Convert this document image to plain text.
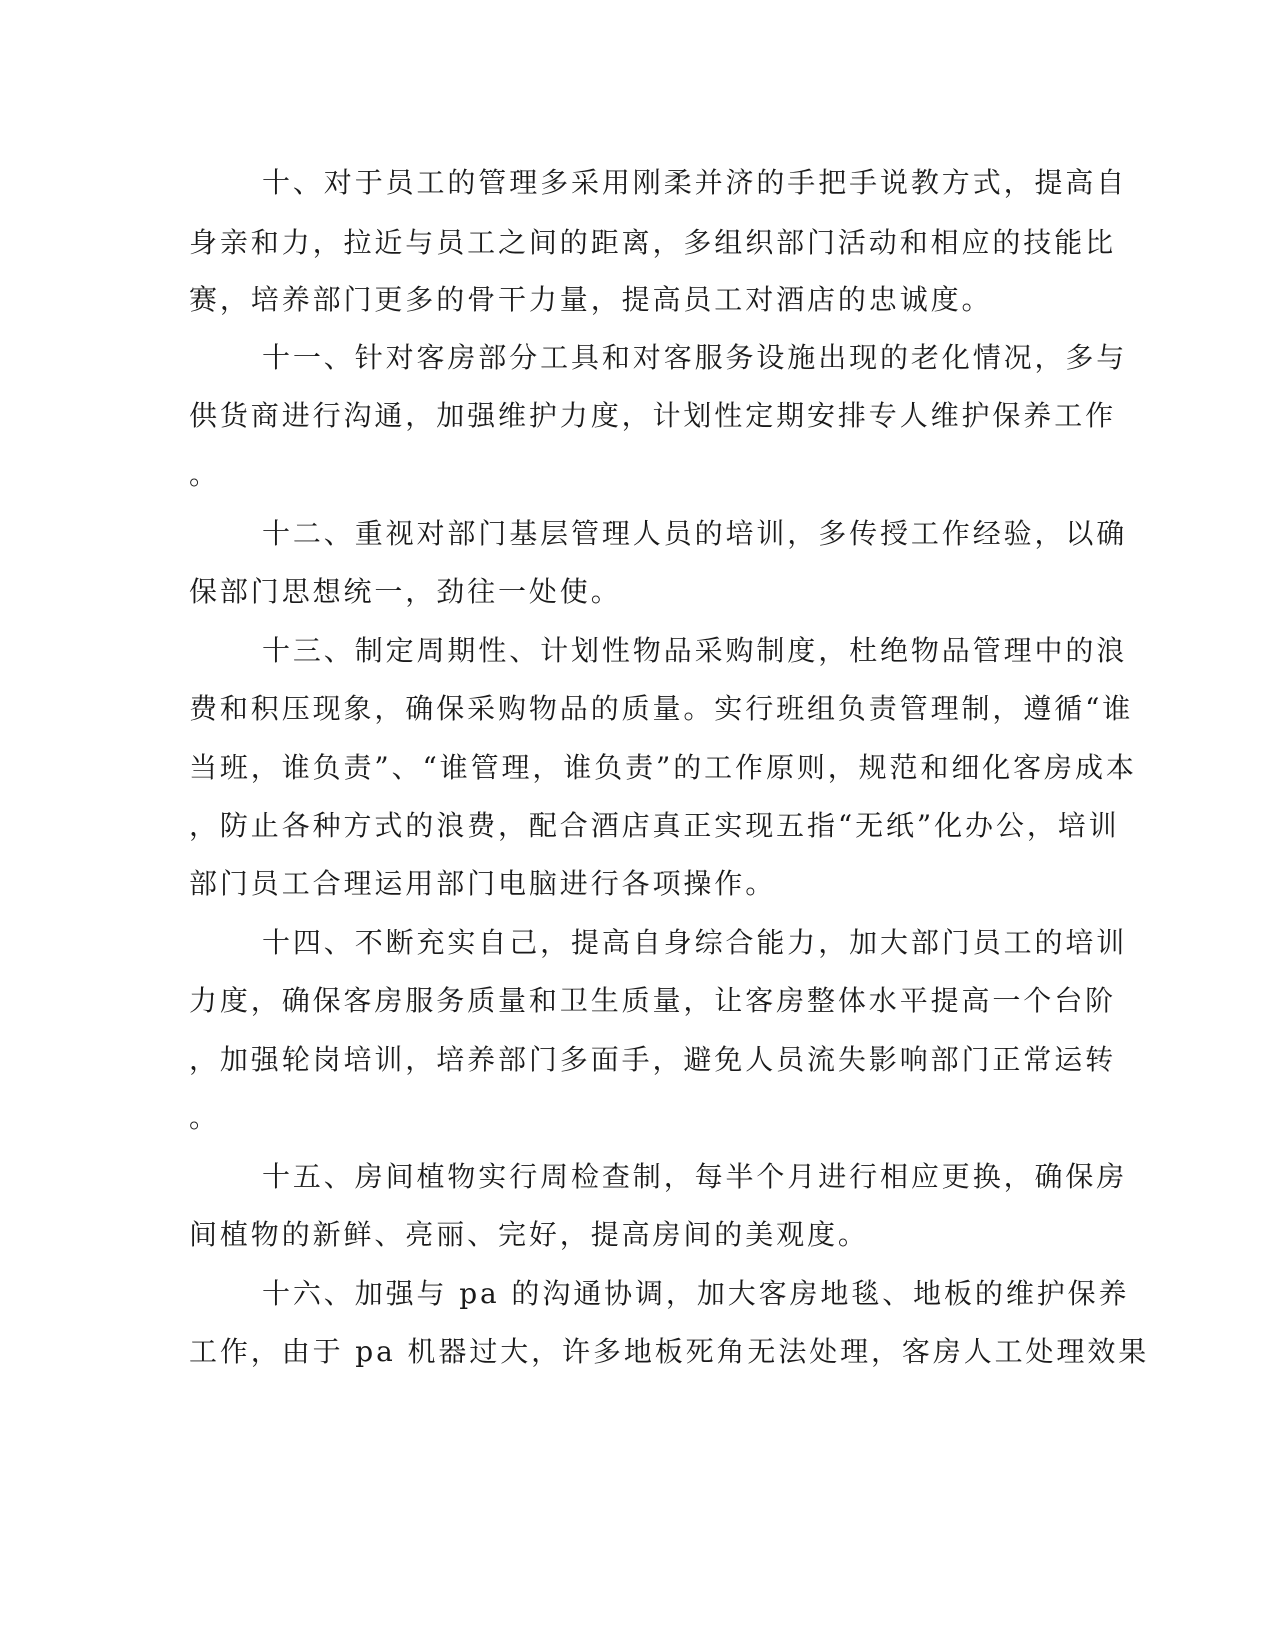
十、对于员工的管理多采用刚柔并济的手把手说教方式，提高自
身亲和力，拉近与员工之间的距离，多组织部门活动和相应的技能比
赛，培养部门更多的骨干力量，提高员工对酒店的忠诚度。
十一、针对客房部分工具和对客服务设施出现的老化情况，多与
供货商进行沟通，加强维护力度，计划性定期安排专人维护保养工作
。
十二、重视对部门基层管理人员的培训，多传授工作经验，以确
保部门思想统一，劲往一处使。
十三、制定周期性、计划性物品采购制度，杜绝物品管理中的浪
费和积压现象，确保采购物品的质量。实行班组负责管理制，遵循“谁
当班，谁负责”、“谁管理，谁负责”的工作原则，规范和细化客房成本
，防止各种方式的浪费，配合酒店真正实现五指“无纸”化办公，培训
部门员工合理运用部门电脑进行各项操作。
十四、不断充实自己，提高自身综合能力，加大部门员工的培训
力度，确保客房服务质量和卫生质量，让客房整体水平提高一个台阶
，加强轮岗培训，培养部门多面手，避免人员流失影响部门正常运转
。
十五、房间植物实行周检查制，每半个月进行相应更换，确保房
间植物的新鲜、亮丽、完好，提高房间的美观度。
十六、加强与 pa 的沟通协调，加大客房地毯、地板的维护保养
工作，由于 pa 机器过大，许多地板死角无法处理，客房人工处理效果
